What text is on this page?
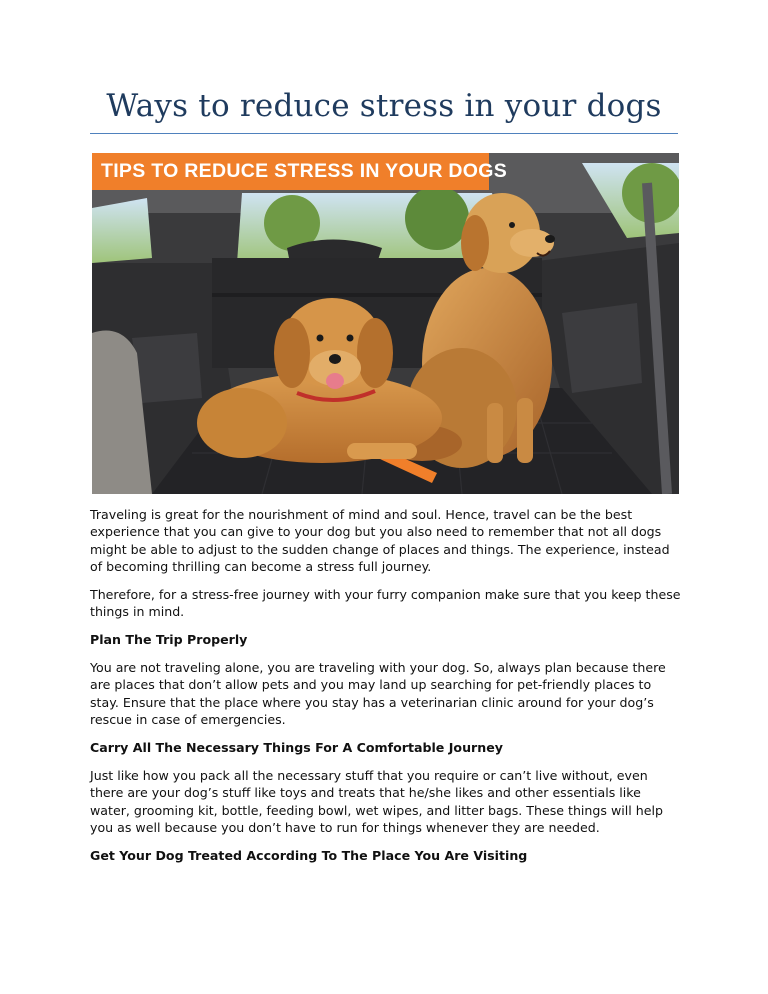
Ways to reduce stress in your dogs
TIPS TO REDUCE STRESS IN YOUR DOGS

Traveling is great for the nourishment of mind and soul. Hence, travel can be the best experience that you can give to your dog but you also need to remember that not all dogs might be able to adjust to the sudden change of places and things. The experience, instead of becoming thrilling can become a stress full journey.

Therefore, for a stress-free journey with your furry companion make sure that you keep these things in mind.

Plan The Trip Properly

You are not traveling alone, you are traveling with your dog. So, always plan because there are places that don’t allow pets and you may land up searching for pet-friendly places to stay. Ensure that the place where you stay has a veterinarian clinic around for your dog’s rescue in case of emergencies.

Carry All The Necessary Things For A Comfortable Journey

Just like how you pack all the necessary stuff that you require or can’t live without, even there are your dog’s stuff like toys and treats that he/she likes and other essentials like water, grooming kit, bottle, feeding bowl, wet wipes, and litter bags. These things will help you as well because you don’t have to run for things whenever they are needed.

Get Your Dog Treated According To The Place You Are Visiting
